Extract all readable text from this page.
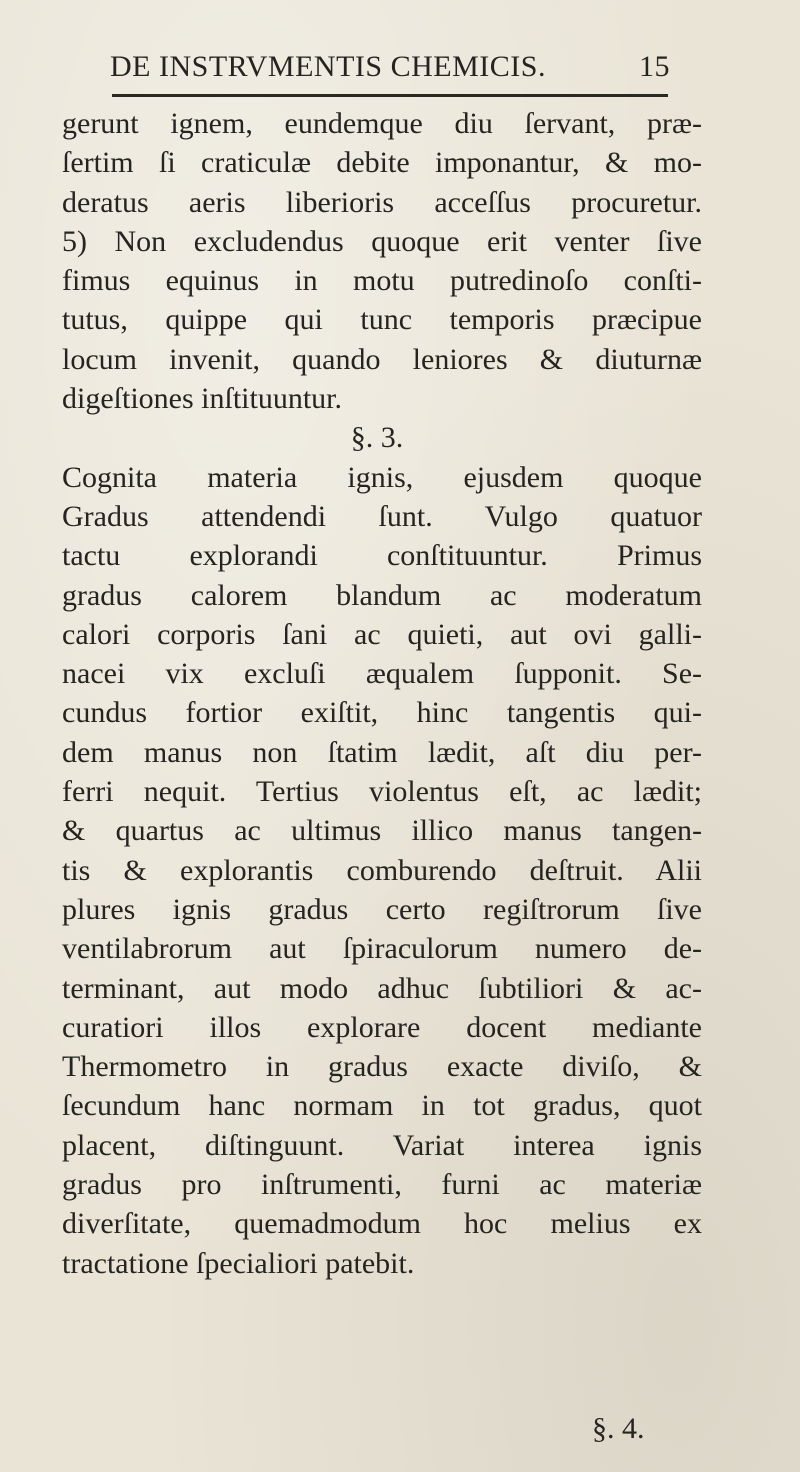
DE INSTRVMENTIS CHEMICIS.	15
gerunt ignem, eundemque diu ſervant, præ-
ſertim ſi craticulæ debite imponantur, & mo-
deratus aeris liberioris acceſſus procuretur.
5) Non excludendus quoque erit venter ſive
fimus equinus in motu putredinoſo conſti-
tutus, quippe qui tunc temporis præcipue
locum invenit, quando leniores & diuturnæ
digeſtiones inſtituuntur.
§. 3.
Cognita materia ignis, ejusdem quoque
Gradus attendendi ſunt. Vulgo quatuor
tactu explorandi conſtituuntur. Primus
gradus calorem blandum ac moderatum
calori corporis ſani ac quieti, aut ovi galli-
nacei vix excluſi æqualem ſupponit. Se-
cundus fortior exiſtit, hinc tangentis qui-
dem manus non ſtatim lædit, aſt diu per-
ferri nequit. Tertius violentus eſt, ac lædit;
& quartus ac ultimus illico manus tangen-
tis & explorantis comburendo deſtruit. Alii
plures ignis gradus certo regiſtrorum ſive
ventilabrorum aut ſpiraculorum numero de-
terminant, aut modo adhuc ſubtiliori & ac-
curatiori illos explorare docent mediante
Thermometro in gradus exacte diviſo, &
ſecundum hanc normam in tot gradus, quot
placent, diſtinguunt. Variat interea ignis
gradus pro inſtrumenti, furni ac materiæ
diverſitate, quemadmodum hoc melius ex
tractatione ſpecialiori patebit.
§. 4.
